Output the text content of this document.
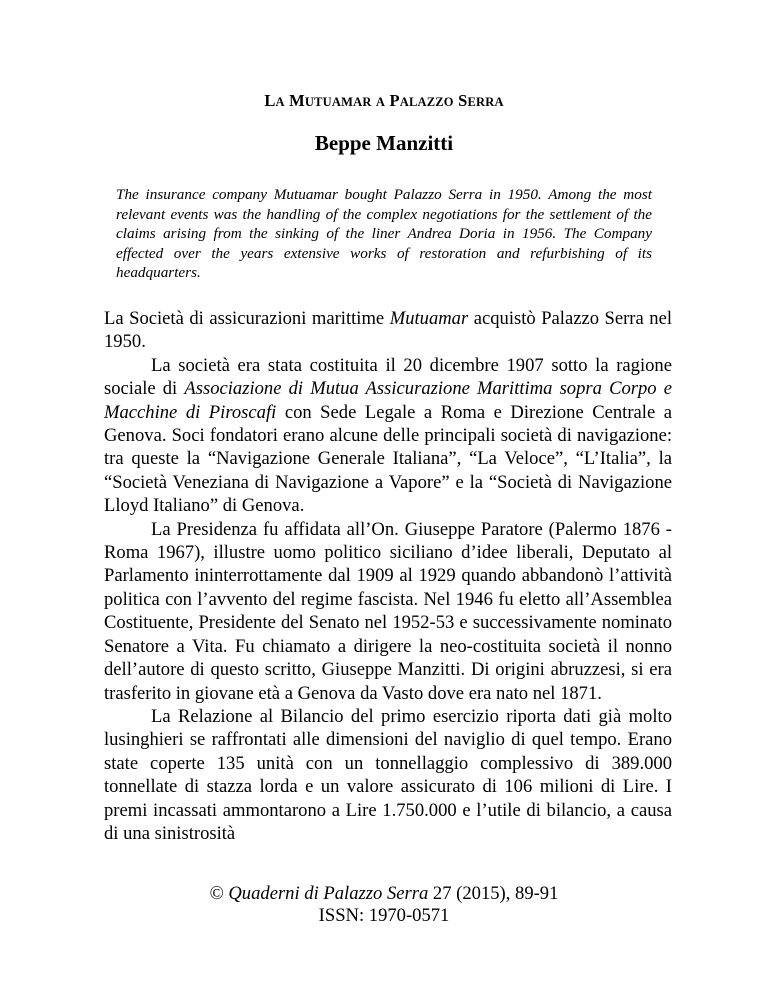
LA MUTUAMAR A PALAZZO SERRA
Beppe Manzitti
The insurance company Mutuamar bought Palazzo Serra in 1950. Among the most relevant events was the handling of the complex negotiations for the settlement of the claims arising from the sinking of the liner Andrea Doria in 1956. The Company effected over the years extensive works of restoration and refurbishing of its headquarters.

La Società di assicurazioni marittime Mutuamar acquistò Palazzo Serra nel 1950.

La società era stata costituita il 20 dicembre 1907 sotto la ragione sociale di Associazione di Mutua Assicurazione Marittima sopra Corpo e Macchine di Piroscafi con Sede Legale a Roma e Direzione Centrale a Genova. Soci fondatori erano alcune delle principali società di navigazione: tra queste la “Navigazione Generale Italiana”, “La Veloce”, “L’Italia”, la “Società Veneziana di Navigazione a Vapore” e la “Società di Navigazione Lloyd Italiano” di Genova.

La Presidenza fu affidata all’On. Giuseppe Paratore (Palermo 1876 - Roma 1967), illustre uomo politico siciliano d’idee liberali, Deputato al Parlamento ininterrottamente dal 1909 al 1929 quando abbandonò l’attività politica con l’avvento del regime fascista. Nel 1946 fu eletto all’Assemblea Costituente, Presidente del Senato nel 1952-53 e successivamente nominato Senatore a Vita. Fu chiamato a dirigere la neo-costituita società il nonno dell’autore di questo scritto, Giuseppe Manzitti. Di origini abruzzesi, si era trasferito in giovane età a Genova da Vasto dove era nato nel 1871.

La Relazione al Bilancio del primo esercizio riporta dati già molto lusinghieri se raffrontati alle dimensioni del naviglio di quel tempo. Erano state coperte 135 unità con un tonnellaggio complessivo di 389.000 tonnellate di stazza lorda e un valore assicurato di 106 milioni di Lire. I premi incassati ammontarono a Lire 1.750.000 e l’utile di bilancio, a causa di una sinistrosità

© Quaderni di Palazzo Serra 27 (2015), 89-91
ISSN: 1970-0571
